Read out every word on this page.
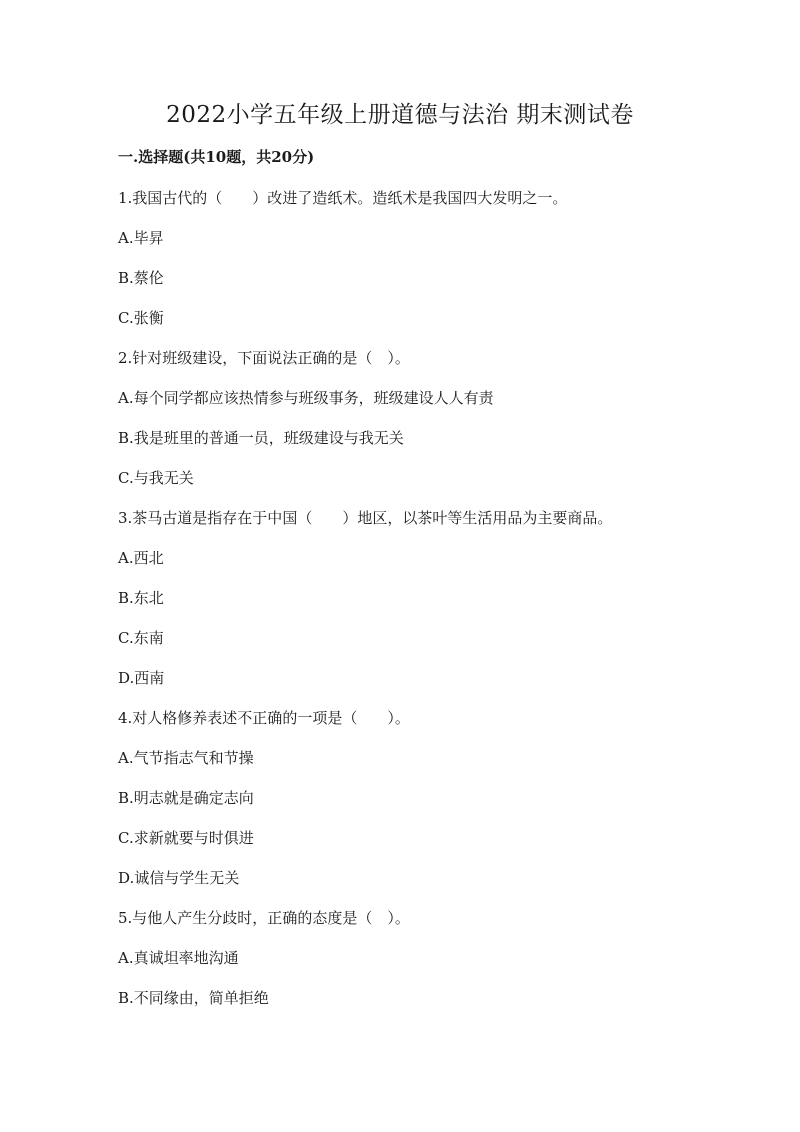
2022小学五年级上册道德与法治 期末测试卷
一.选择题(共10题，共20分)
1.我国古代的（　　）改进了造纸术。造纸术是我国四大发明之一。
A.毕昇
B.蔡伦
C.张衡
2.针对班级建设，下面说法正确的是（　）。
A.每个同学都应该热情参与班级事务，班级建设人人有责
B.我是班里的普通一员，班级建设与我无关
C.与我无关
3.茶马古道是指存在于中国（　　）地区，以茶叶等生活用品为主要商品。
A.西北
B.东北
C.东南
D.西南
4.对人格修养表述不正确的一项是（　　）。
A.气节指志气和节操
B.明志就是确定志向
C.求新就要与时俱进
D.诚信与学生无关
5.与他人产生分歧时，正确的态度是（　）。
A.真诚坦率地沟通
B.不同缘由，简单拒绝
